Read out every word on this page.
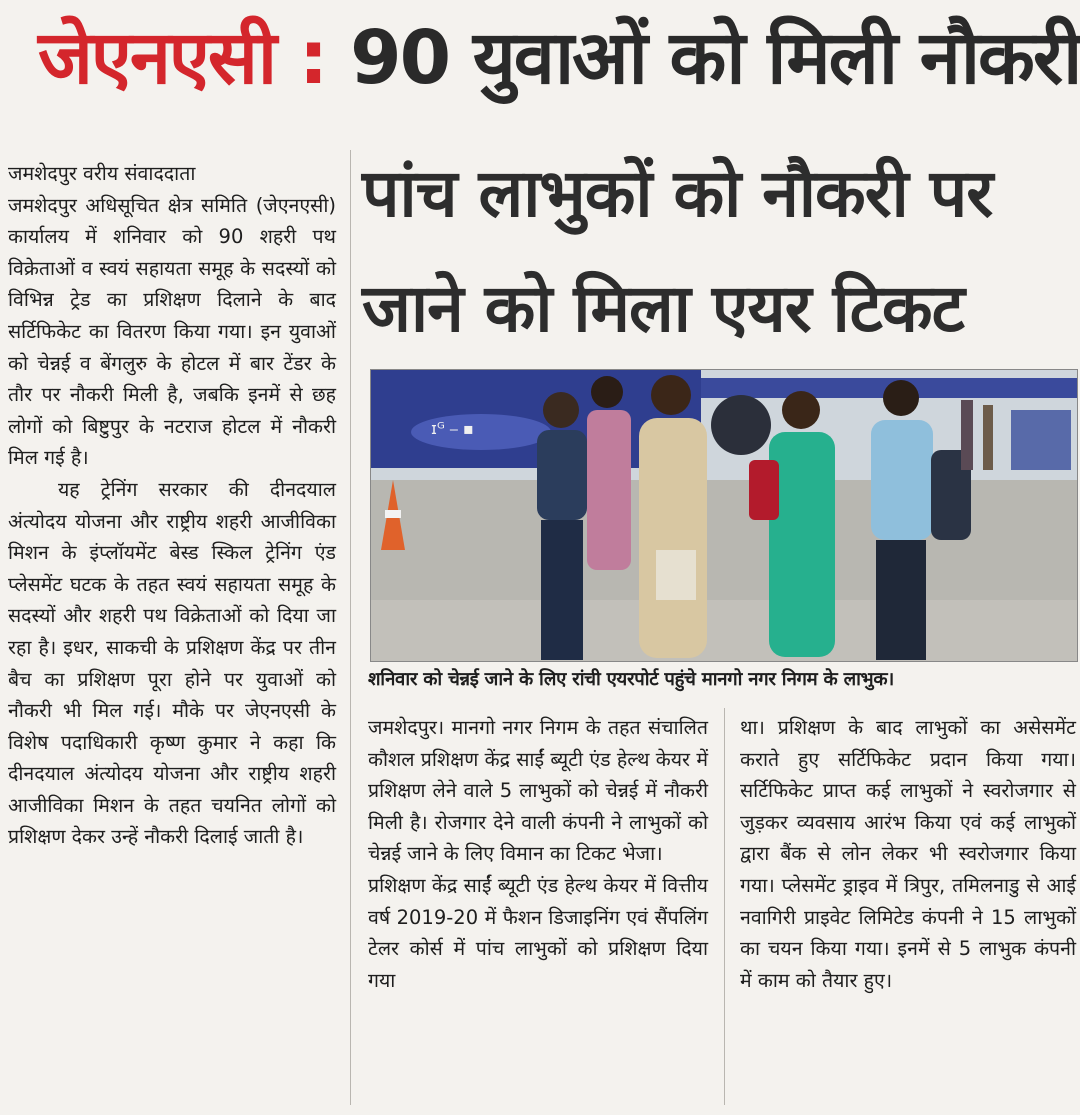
जेएनएसी : 90 युवाओं को मिली नौकरी
पांच लाभुकों को नौकरी पर
जाने को मिला एयर टिकट

जमशेदपुर वरीय संवाददाता

जमशेदपुर अधिसूचित क्षेत्र समिति (जेएनएसी) कार्यालय में शनिवार को 90 शहरी पथ विक्रेताओं व स्वयं सहायता समूह के सदस्यों को विभिन्न ट्रेड का प्रशिक्षण दिलाने के बाद सर्टिफिकेट का वितरण किया गया। इन युवाओं को चेन्नई व बेंगलुरु के होटल में बार टेंडर के तौर पर नौकरी मिली है, जबकि इनमें से छह लोगों को बिष्टुपुर के नटराज होटल में नौकरी मिल गई है।

यह ट्रेनिंग सरकार की दीनदयाल अंत्योदय योजना और राष्ट्रीय शहरी आजीविका मिशन के इंप्लॉयमेंट बेस्ड स्किल ट्रेनिंग एंड प्लेसमेंट घटक के तहत स्वयं सहायता समूह के सदस्यों और शहरी पथ विक्रेताओं को दिया जा रहा है। इधर, साकची के प्रशिक्षण केंद्र पर तीन बैच का प्रशिक्षण पूरा होने पर युवाओं को नौकरी भी मिल गई। मौके पर जेएनएसी के विशेष पदाधिकारी कृष्ण कुमार ने कहा कि दीनदयाल अंत्योदय योजना और राष्ट्रीय शहरी आजीविका मिशन के तहत चयनित लोगों को प्रशिक्षण देकर उन्हें नौकरी दिलाई जाती है।

ɪᴳ ⎯ ▪
शनिवार को चेन्नई जाने के लिए रांची एयरपोर्ट पहुंचे मानगो नगर निगम के लाभुक।

जमशेदपुर। मानगो नगर निगम के तहत संचालित कौशल प्रशिक्षण केंद्र साईं ब्यूटी एंड हेल्थ केयर में प्रशिक्षण लेने वाले 5 लाभुकों को चेन्नई में नौकरी मिली है। रोजगार देने वाली कंपनी ने लाभुकों को चेन्नई जाने के लिए विमान का टिकट भेजा।

प्रशिक्षण केंद्र साईं ब्यूटी एंड हेल्थ केयर में वित्तीय वर्ष 2019-20 में फैशन डिजाइनिंग एवं सैंपलिंग टेलर कोर्स में पांच लाभुकों को प्रशिक्षण दिया गया

था। प्रशिक्षण के बाद लाभुकों का असेसमेंट कराते हुए सर्टिफिकेट प्रदान किया गया। सर्टिफिकेट प्राप्त कई लाभुकों ने स्वरोजगार से जुड़कर व्यवसाय आरंभ किया एवं कई लाभुकों द्वारा बैंक से लोन लेकर भी स्वरोजगार किया गया। प्लेसमेंट ड्राइव में त्रिपुर, तमिलनाडु से आई नवागिरी प्राइवेट लिमिटेड कंपनी ने 15 लाभुकों का चयन किया गया। इनमें से 5 लाभुक कंपनी में काम को तैयार हुए।
